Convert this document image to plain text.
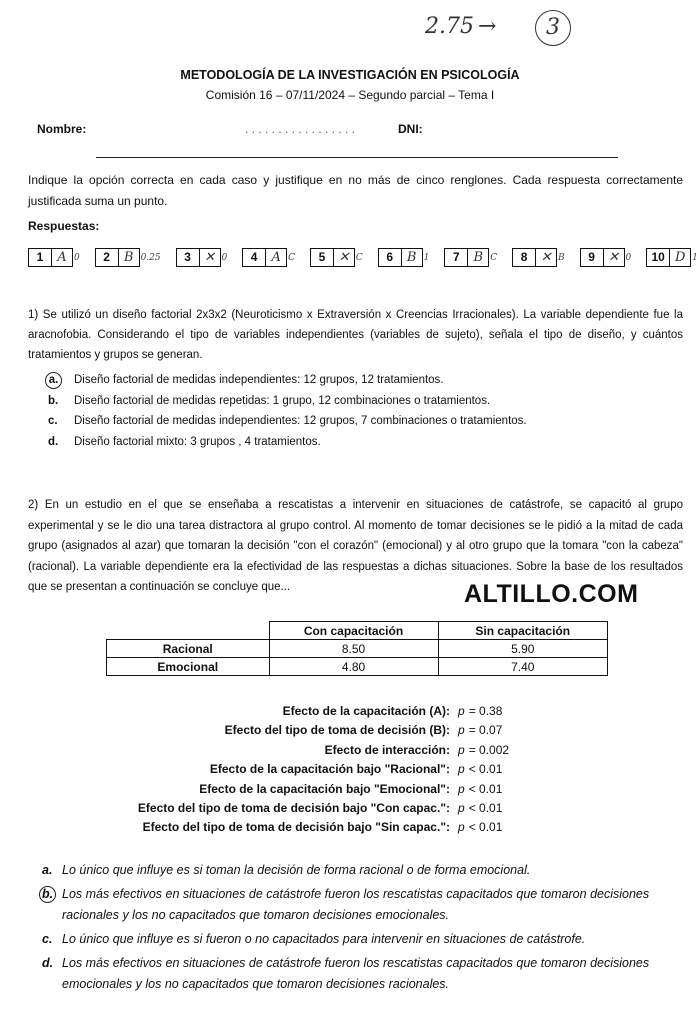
2.75 →	3
METODOLOGÍA DE LA INVESTIGACIÓN EN PSICOLOGÍA
Comisión 16 – 07/11/2024 – Segundo parcial – Tema I
Nombre:	. . . . . . . . . . . . . . . . .	DNI:
Indique la opción correcta en cada caso y justifique en no más de cinco renglones. Cada respuesta correctamente justificada suma un punto.
Respuestas:
1	A 0	2	B 0.25	3	✕ 0	4	A C	5	✕ C	6	B 1	7	B C	8	✕ B	9	✕ 0	10 D 1
1) Se utilizó un diseño factorial 2x3x2 (Neuroticismo x Extraversión x Creencias Irracionales). La variable dependiente fue la aracnofobia. Considerando el tipo de variables independientes (variables de sujeto), señala el tipo de diseño, y cuántos tratamientos y grupos se generan.
a.	Diseño factorial de medidas independientes: 12 grupos, 12 tratamientos.
b.	Diseño factorial de medidas repetidas: 1 grupo, 12 combinaciones o tratamientos.
c.	Diseño factorial de medidas independientes: 12 grupos, 7 combinaciones o tratamientos.
d.	Diseño factorial mixto: 3 grupos , 4 tratamientos.
2) En un estudio en el que se enseñaba a rescatistas a intervenir en situaciones de catástrofe, se capacitó al grupo experimental y se le dio una tarea distractora al grupo control. Al momento de tomar decisiones se le pidió a la mitad de cada grupo (asignados al azar) que tomaran la decisión "con el corazón" (emocional) y al otro grupo que la tomara "con la cabeza" (racional). La variable dependiente era la efectividad de las respuestas a dichas situaciones. Sobre la base de los resultados que se presentan a continuación se concluye que...	ALTILLO.COM
	Con capacitación	Sin capacitación
Racional	8.50	5.90
Emocional	4.80	7.40
Efecto de la capacitación (A): p = 0.38
Efecto del tipo de toma de decisión (B): p = 0.07
Efecto de interacción: p = 0.002
Efecto de la capacitación bajo "Racional": p < 0.01
Efecto de la capacitación bajo "Emocional": p < 0.01
Efecto del tipo de toma de decisión bajo "Con capac.": p < 0.01
Efecto del tipo de toma de decisión bajo "Sin capac.": p < 0.01
a. Lo único que influye es si toman la decisión de forma racional o de forma emocional.
b. Los más efectivos en situaciones de catástrofe fueron los rescatistas capacitados que tomaron decisiones racionales y los no capacitados que tomaron decisiones emocionales.
c. Lo único que influye es si fueron o no capacitados para intervenir en situaciones de catástrofe.
d. Los más efectivos en situaciones de catástrofe fueron los rescatistas capacitados que tomaron decisiones emocionales y los no capacitados que tomaron decisiones racionales.
